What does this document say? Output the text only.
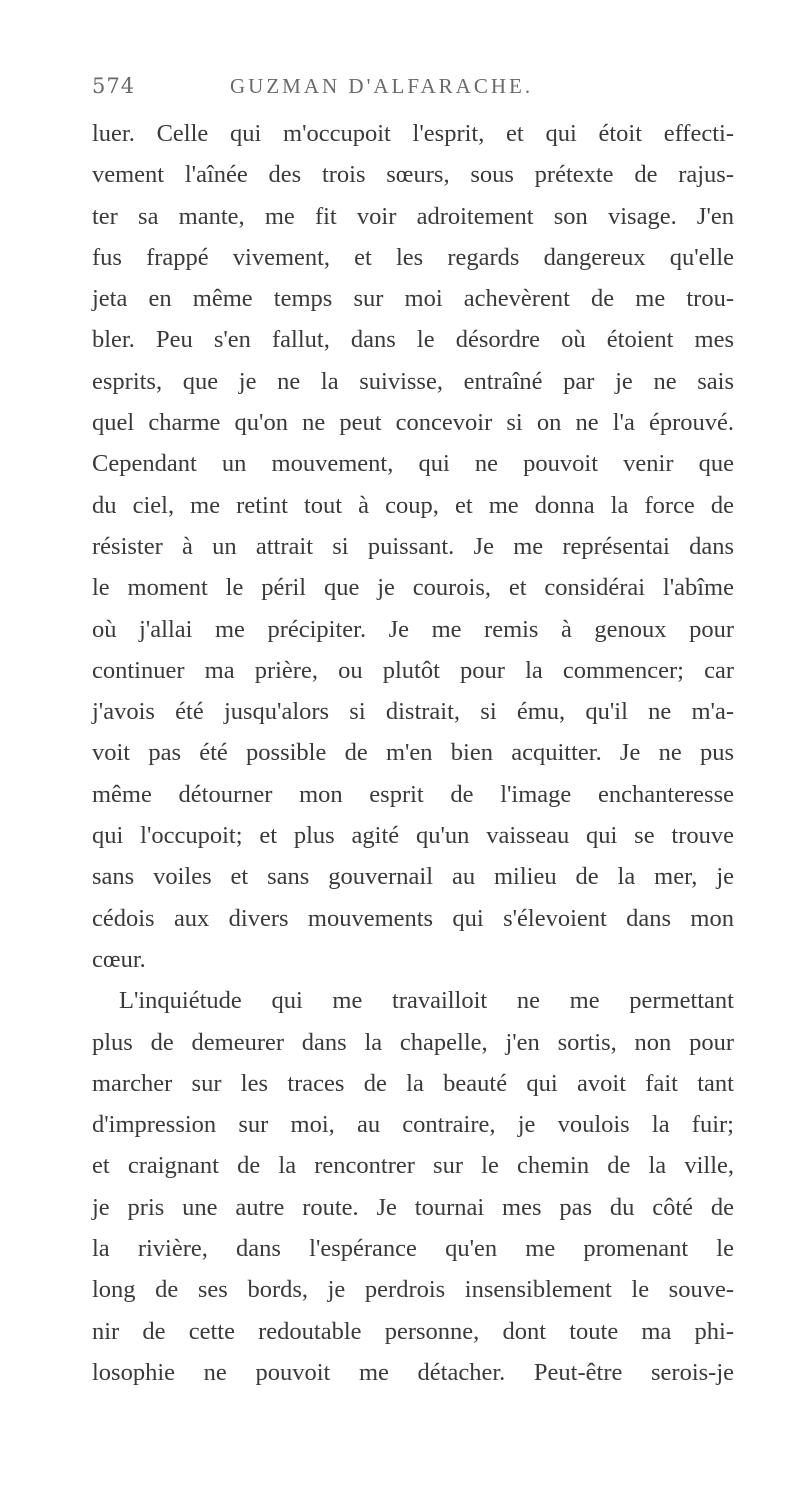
574	GUZMAN D'ALFARACHE.
luer. Celle qui m'occupoit l'esprit, et qui étoit effecti-
vement l'aînée des trois sœurs, sous prétexte de rajus-
ter sa mante, me fit voir adroitement son visage. J'en
fus frappé vivement, et les regards dangereux qu'elle
jeta en même temps sur moi achevèrent de me trou-
bler. Peu s'en fallut, dans le désordre où étoient mes
esprits, que je ne la suivisse, entraîné par je ne sais
quel charme qu'on ne peut concevoir si on ne l'a éprouvé.
Cependant un mouvement, qui ne pouvoit venir que
du ciel, me retint tout à coup, et me donna la force de
résister à un attrait si puissant. Je me représentai dans
le moment le péril que je courois, et considérai l'abîme
où j'allai me précipiter. Je me remis à genoux pour
continuer ma prière, ou plutôt pour la commencer; car
j'avois été jusqu'alors si distrait, si ému, qu'il ne m'a-
voit pas été possible de m'en bien acquitter. Je ne pus
même détourner mon esprit de l'image enchanteresse
qui l'occupoit; et plus agité qu'un vaisseau qui se trouve
sans voiles et sans gouvernail au milieu de la mer, je
cédois aux divers mouvements qui s'élevoient dans mon
cœur.
L'inquiétude qui me travailloit ne me permettant
plus de demeurer dans la chapelle, j'en sortis, non pour
marcher sur les traces de la beauté qui avoit fait tant
d'impression sur moi, au contraire, je voulois la fuir;
et craignant de la rencontrer sur le chemin de la ville,
je pris une autre route. Je tournai mes pas du côté de
la rivière, dans l'espérance qu'en me promenant le
long de ses bords, je perdrois insensiblement le souve-
nir de cette redoutable personne, dont toute ma phi-
losophie ne pouvoit me détacher. Peut-être serois-je
